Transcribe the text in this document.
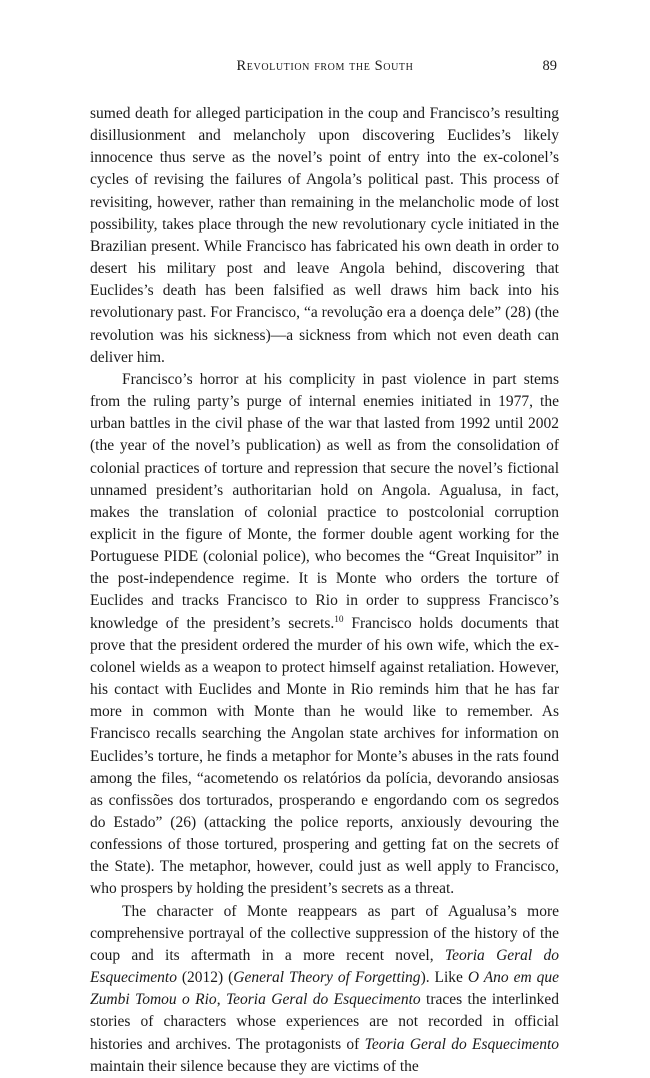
Revolution from the South	89

sumed death for alleged participation in the coup and Francisco’s resulting disillusionment and melancholy upon discovering Euclides’s likely innocence thus serve as the novel’s point of entry into the ex-colonel’s cycles of revising the failures of Angola’s political past. This process of revisiting, however, rather than remaining in the melancholic mode of lost possibility, takes place through the new revolutionary cycle initiated in the Brazilian present. While Francisco has fabricated his own death in order to desert his military post and leave Angola behind, discovering that Euclides’s death has been falsified as well draws him back into his revolutionary past. For Francisco, “a revolução era a doença dele” (28) (the revolution was his sickness)—a sickness from which not even death can deliver him.

Francisco’s horror at his complicity in past violence in part stems from the ruling party’s purge of internal enemies initiated in 1977, the urban battles in the civil phase of the war that lasted from 1992 until 2002 (the year of the novel’s publication) as well as from the consolidation of colonial practices of torture and repression that secure the novel’s fictional unnamed president’s authoritarian hold on Angola. Agualusa, in fact, makes the translation of colonial practice to postcolonial corruption explicit in the figure of Monte, the former double agent working for the Portuguese PIDE (colonial police), who becomes the “Great Inquisitor” in the post-independence regime. It is Monte who orders the torture of Euclides and tracks Francisco to Rio in order to suppress Francisco’s knowledge of the president’s secrets.$^{10}$ Francisco holds documents that prove that the president ordered the murder of his own wife, which the ex-colonel wields as a weapon to protect himself against retaliation. However, his contact with Euclides and Monte in Rio reminds him that he has far more in common with Monte than he would like to remember. As Francisco recalls searching the Angolan state archives for information on Euclides’s torture, he finds a metaphor for Monte’s abuses in the rats found among the files, “acometendo os relatórios da polícia, devorando ansiosas as confissões dos torturados, prosperando e engordando com os segredos do Estado” (26) (attacking the police reports, anxiously devouring the confessions of those tortured, prospering and getting fat on the secrets of the State). The metaphor, however, could just as well apply to Francisco, who prospers by holding the president’s secrets as a threat.

The character of Monte reappears as part of Agualusa’s more comprehensive portrayal of the collective suppression of the history of the coup and its aftermath in a more recent novel, Teoria Geral do Esquecimento (2012) (General Theory of Forgetting). Like O Ano em que Zumbi Tomou o Rio, Teoria Geral do Esquecimento traces the interlinked stories of characters whose experiences are not recorded in official histories and archives. The protagonists of Teoria Geral do Esquecimento maintain their silence because they are victims of the
